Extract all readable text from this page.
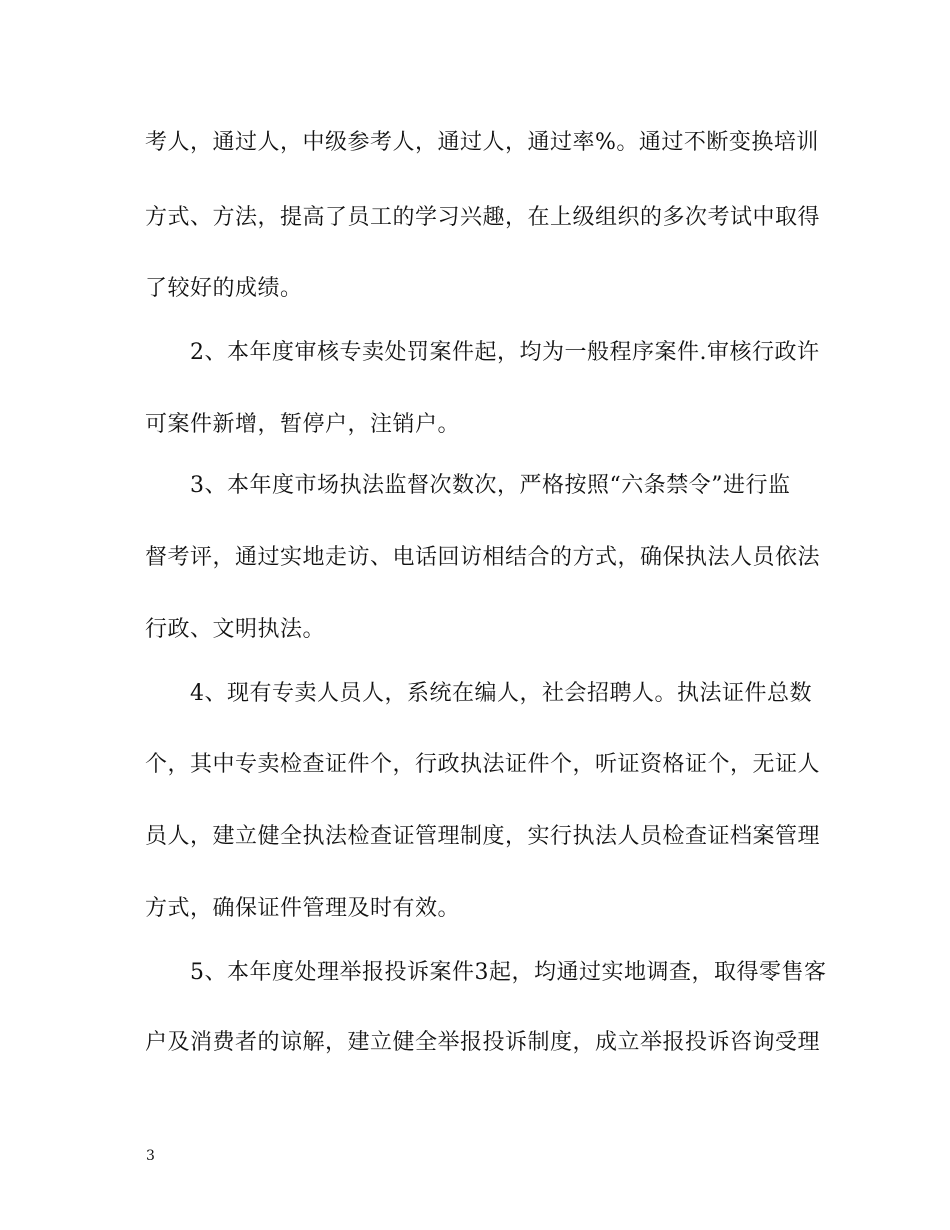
考人，通过人，中级参考人，通过人，通过率%。通过不断变换培训
方式、方法，提高了员工的学习兴趣，在上级组织的多次考试中取得
了较好的成绩。
2、本年度审核专卖处罚案件起，均为一般程序案件.审核行政许
可案件新增，暂停户，注销户。
3、本年度市场执法监督次数次，严格按照“六条禁令”进行监
督考评，通过实地走访、电话回访相结合的方式，确保执法人员依法
行政、文明执法。
4、现有专卖人员人，系统在编人，社会招聘人。执法证件总数
个，其中专卖检查证件个，行政执法证件个，听证资格证个，无证人
员人，建立健全执法检查证管理制度，实行执法人员检查证档案管理
方式，确保证件管理及时有效。
5、本年度处理举报投诉案件3起，均通过实地调查，取得零售客
户及消费者的谅解，建立健全举报投诉制度，成立举报投诉咨询受理
3
